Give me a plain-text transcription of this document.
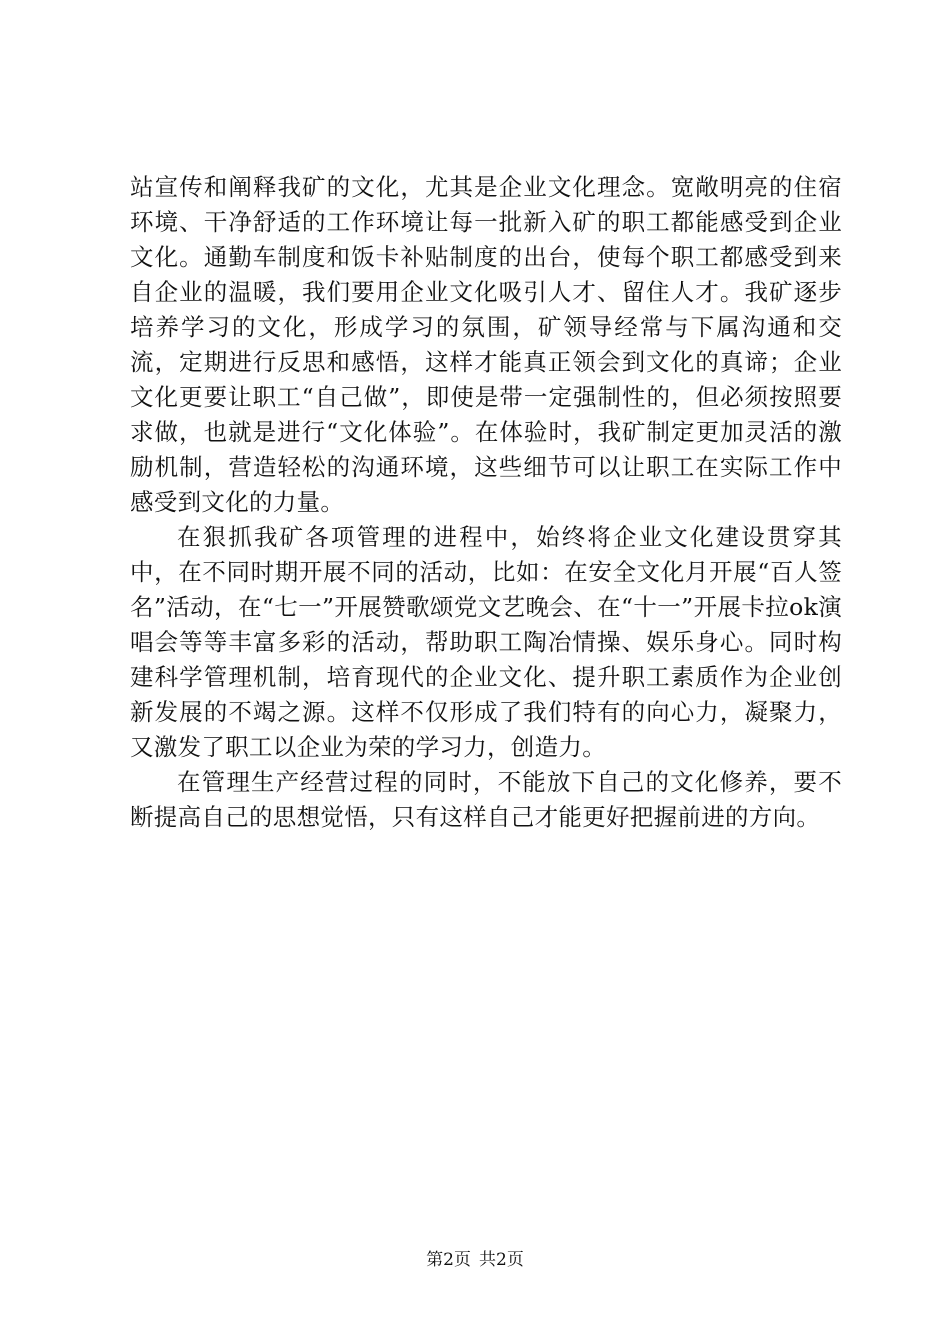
站宣传和阐释我矿的文化，尤其是企业文化理念。宽敞明亮的住宿环境、干净舒适的工作环境让每一批新入矿的职工都能感受到企业文化。通勤车制度和饭卡补贴制度的出台，使每个职工都感受到来自企业的温暖，我们要用企业文化吸引人才、留住人才。我矿逐步培养学习的文化，形成学习的氛围，矿领导经常与下属沟通和交流，定期进行反思和感悟，这样才能真正领会到文化的真谛；企业文化更要让职工“自己做”，即使是带一定强制性的，但必须按照要求做，也就是进行“文化体验”。在体验时，我矿制定更加灵活的激励机制，营造轻松的沟通环境，这些细节可以让职工在实际工作中感受到文化的力量。

在狠抓我矿各项管理的进程中，始终将企业文化建设贯穿其中，在不同时期开展不同的活动，比如：在安全文化月开展“百人签名”活动，在“七一”开展赞歌颂党文艺晚会、在“十一”开展卡拉ok演唱会等等丰富多彩的活动，帮助职工陶冶情操、娱乐身心。同时构建科学管理机制，培育现代的企业文化、提升职工素质作为企业创新发展的不竭之源。这样不仅形成了我们特有的向心力，凝聚力，又激发了职工以企业为荣的学习力，创造力。

在管理生产经营过程的同时，不能放下自己的文化修养，要不断提高自己的思想觉悟，只有这样自己才能更好把握前进的方向。

第2页 共2页
